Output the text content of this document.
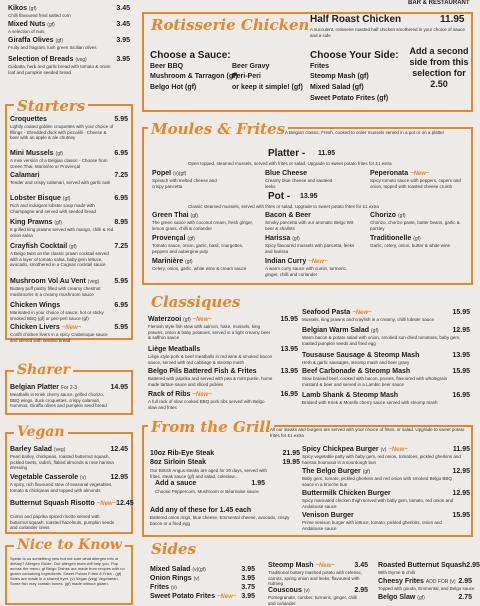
BAR & RESTAURANT
Kikos (gf)	3.45
Chilli flavoured fried salted corn
Mixed Nuts (gf)	3.45
A selection of nuts
Giraffa Olives (gf)	3.95
Fruity and fragrant, lush green Sicilian olives
Selection of Breads (veg)	3.95
Ciabatta, herb and garlic bread with tomato & onion loaf and pumpkin seeded bread
Rotisserie Chicken Half Roast Chicken	11.95
A succulent, rotisserie roasted half chicken smothered in your choice of sauce and a side
Choose a Sauce:
Beer BBQ	Beer Gravy
Mushroom & Tarragon (gf)
Peri-Peri
Belgo Hot (gf)	or keep it simple! (gf)
Choose Your Side:
Frites
Steomp Mash (gf)
Mixed Salad (gf)
Sweet Potato Frites (gf)
Add a second side from this selection for 2.50
Starters
Croquettes	5.95
Lightly coated golden croquettes with your choice of fillings - Shredded duck with piccalilli - Cheese & beer with an apple & ale chutney
Mini Mussels (gf)	6.95
A mini version of a Belgian classic - Choose from Green Thai, Marinière or Provençal
Calamari	7.25
Tender and crispy calamari, served with garlic aioli
Lobster Bisque (gf)	6.95
Rich and indulgent lobster soup made with Champagne and served with seeded bread
King Prawns (gf)	8.95
6 grilled king prawns served with mango, chilli & red onion salsa
Crayfish Cocktail (gf)	7.25
A Belgo twist on the classic prawn cocktail served with a layer of tomato salsa, baby gem lettuce, avocado, smothered in a Cognac cocktail sauce
Mushroom Vol Au Vent (veg) 5.95
Buttery puff pastry filled with creamy chestnut mushrooms in a creamy mushroom sauce
Chicken Wings	6.95
Marinated in your choice of sauce, hot or sticky smoked BBQ (gf) or peri-peri sauce (gf)
Chicken Livers ~New~	5.95
Confit chicken livers in a spicy Crabeloque sauce and served with seeded bread
Sharer
Belgian Platter For 2-3	14.95
Meatballs in Kriek cherry sauce, grilled chorizo, BBQ wings, duck croquettes, crispy calamari, hummus, Giraffa olives and pumpkin seed bread
Vegan
Barley Salad (veg)	12.45
Pearl barley, chickpeas, roasted butternut squash, pickled beets, radish, flaked almonds & rose harissa dressing
Vegetable Casserole (v)	12.95
A spicy, rich flavoured stew of seasonal vegetables, tomato & chickpeas and topped with almonds
Butternut Squash Risotto ~New~ 12.45
Cumin and paprika spiced risotto served with butternut squash, toasted hazelnuts, pumpkin seeds and coriander cress
Nice to Know
Speak to us something new but not sure what allergen info or dietary? Allergen Guide: Our allergen team will help you. Pop across the menu, gf Belgo Dishes are made from recipes with no gluten containing ingredients. Sweet Potato Frites & Fries - (gf) Sides are made in a shared fryer. (v) Vegan (veg) Vegetarian. Some fish may contain bones. (gf) made without gluten.
Moules & Frites A Belgian classic. Fresh, cooked to order mussels served in a pot or on a platter
Platter - 11.95
Open topped, steamed mussels, served with frites or salad. Upgrade to sweet potato frites for £1 extra
Popeï (v)(gf)
Spinach with melted cheese and crispy pancetta
Blue Cheese
Creamy blue cheese and sautéed leeks
Peperonata ~New~
Spicy tomato sauce with peppers, capers and onion, topped with toasted cheese crumb
Pot - 13.95
Classic steamed mussels, served with frites or salad. Upgrade to sweet potato frites for £1 extra
Green Thai (gf)
The green sauce with coconut cream, fresh ginger, lemon grass, chilli & coriander
Bacon & Beer
Smoky pancetta with our aromatic Belgo Wit beer & shallots
Chorizo (gf)
Chorizo, chorizo paste, butter beans, garlic & parsley
Provençal (gf)
Tomato sauce, onion, garlic, basil, courgettes, peppers and aubergine pulp
Harissa (gf)
Spicy flavoured mussels with pancetta, leeks and harissa
Traditionelle (gf)
Garlic, celery, onion, butter & white wine
Marinière (gf)
Celery, onion, garlic, white wine & cream sauce
Indian Curry ~New~
A warm curry sauce with cumin, turmeric, ginger, chilli and coriander
Classiques
Waterzooi (gf) ~New~	15.95
Flemish style fish stew with salmon, hake, mussels, king prawns, onion & baby potatoes, served in a light creamy beer & saffron sauce
Liège Meatballs	13.95
Liège style pork & beef meatballs in red wine & smoked bacon sauce, served with red cabbage & steomp mash
Belgo Pils Battered Fish & Frites	13.95
Battered with paprika and served with pea & mint purée, home made tartare sauce and sliced pickles
Rack of Ribs ~New~	16.95
A full rack of slow cooked BBQ pork ribs served with Belgo slaw and frites
Seafood Pasta ~New~	15.95
Mussels, king prawns and crayfish in a creamy, chilli lobster sauce
Belgian Warm Salad (gf)	12.95
Warm bacon & potato salad with onion, smoked sun-dried tomatoes, baby gem, toasted pumpkin seeds and fried egg
Tousause Sausage & Steomp Mash	13.95
Herb & garlic sausages, steomp mash and beer gravy
Beef Carbonade & Steomp Mash	15.95
Slow braised beef, cooked with bacon, prunes, flavoured with wholegrain mustard & beer and served in a Lambic beer sauce
Lamb Shank & Steomp Mash	16.95
Braised with Kriek & Morello cherry sauce served with steomp mash
From the Grill All our steaks and burgers are served with your choice of frites, or salad. Upgrade to sweet potato frites for £1 extra
10oz Rib-Eye Steak	21.95
8oz Sirloin Steak	19.95
Our British Angus steaks are aged for 30 days, served with frites, steak sauce (gf) and salad, coleslaw...
Add a sauce	1.95
Choose Peppercorn, Mushroom or Béarnaise sauce
Add any of these for 1.45 each
Battered onion rings, blue cheese, Emmental cheese, avocado, crispy bacon or a fried egg
Spicy Chickpea Burger (v) ~New~	11.95
Spicy vegetable patty with baby gem, red onion, tomatoes, pickled gherkins and harissa houmous in a sourdough bun
The Belgo Burger (gf)	12.95
Baby gem, tomato, pickled gherkins and red onion with smoked Belgo BBQ sauce in a brioche bun
Buttermilk Chicken Burger	12.95
Spicy marinated chicken thigh served with baby gem, tomato, red onion and Andalouse sauce
Venison Burger	15.95
Prime venison burger with lettuce, tomato, pickled gherkins, onion and Andalouse sauce
Sides
Mixed Salad (v)(gf)	3.95
Onion Rings (v)	3.95
Frites (v)	3.75
Sweet Potato Frites ~New~ 3.95
Steomp Mash ~New~	3.45
Traditional buttery mashed potato with celeriac, carrots, spring onion and leeks, flavoured with nutmeg
Couscous (v)	2.95
Pomegranate, cumber, turmeric, ginger, chilli and coriander
Roasted Butternut Squash 2.95
With thyme & chilli
Cheesy Frites ADD FOR (v) 2.95
Topped with gouda, Emmental, and Belgo sauce
Belgo Slaw (gf)	2.75
